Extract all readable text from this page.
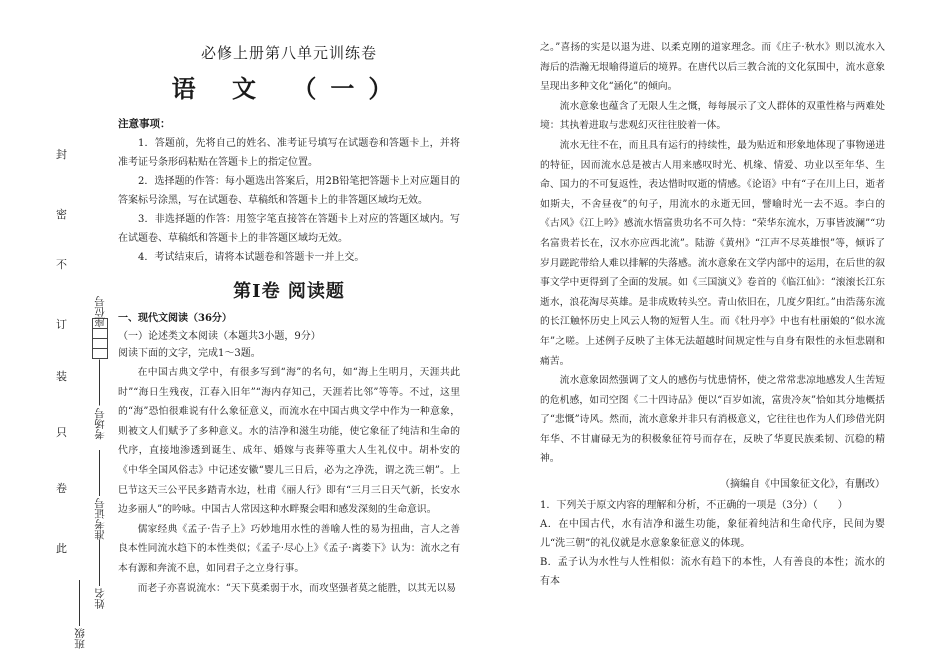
封
密
不
订
装
只
卷
此
座位号
考场号
准考证号
姓名
班级
必修上册第八单元训练卷
语 文 （一）
注意事项：

1．答题前，先将自己的姓名、准考证号填写在试题卷和答题卡上，并将准考证号条形码粘贴在答题卡上的指定位置。

2．选择题的作答：每小题选出答案后，用2B铅笔把答题卡上对应题目的答案标号涂黑，写在试题卷、草稿纸和答题卡上的非答题区域均无效。

3．非选择题的作答：用签字笔直接答在答题卡上对应的答题区域内。写在试题卷、草稿纸和答题卡上的非答题区域均无效。

4．考试结束后，请将本试题卷和答题卡一并上交。

第Ⅰ卷 阅读题
一、现代文阅读（36分）
（一）论述类文本阅读（本题共3小题，9分）
阅读下面的文字，完成1～3题。

在中国古典文学中，有很多写到“海”的名句，如“海上生明月，天涯共此时”“海日生残夜，江春入旧年”“海内存知己，天涯若比邻”等等。不过，这里的“海”恐怕很难说有什么象征意义，而流水在中国古典文学中作为一种意象，则被文人们赋予了多种意义。水的洁净和滋生功能，使它象征了纯洁和生命的代序，直接地渗透到诞生、成年、婚嫁与丧葬等重大人生礼仪中。胡朴安的《中华全国风俗志》中记述安徽“婴儿三日后，必为之净洗，谓之洗三朝”。上巳节这天三公平民多踏青水边，杜甫《丽人行》即有“三月三日天气新，长安水边多丽人”的吟咏。中国古人常因这种水畔聚会唱和感发深刻的生命意识。

儒家经典《孟子·告子上》巧妙地用水性的善喻人性的易为扭曲，言人之善良本性同流水趋下的本性类似；《孟子·尽心上》《孟子·离娄下》认为：流水之有本有源和奔流不息，如同君子之立身行事。

而老子亦喜说流水：“天下莫柔弱于水，而攻坚强者莫之能胜，以其无以易

之。”喜扬的实是以退为进、以柔克刚的道家理念。而《庄子·秋水》则以流水入海后的浩瀚无垠喻得道后的境界。在唐代以后三教合流的文化氛围中，流水意象呈现出多种文化“涵化”的倾向。

流水意象也蕴含了无限人生之慨，每每展示了文人群体的双重性格与两难处境：其执着进取与悲观幻灭往往胶着一体。

流水无往不在，而且具有运行的持续性，最为贴近和形象地体现了事物递进的特征，因而流水总是被古人用来感叹时光、机缘、情爱、功业以至年华、生命、国力的不可复返性，表达惜时叹逝的情感。《论语》中有“子在川上曰，逝者如斯夫，不舍昼夜”的句子，用流水的永逝无回，譬喻时光一去不返。李白的《古风》《江上吟》感流水悟富贵功名不可久恃：“荣华东流水，万事皆波澜”“功名富贵若长在，汉水亦应西北流”。陆游《黄州》“江声不尽英雄恨”等，倾诉了岁月蹉跎带给人难以排解的失落感。流水意象在文学内部中的运用，在后世的叙事文学中更得到了全面的发展。如《三国演义》卷首的《临江仙》：“滚滚长江东逝水，浪花淘尽英雄。是非成败转头空。青山依旧在，几度夕阳红。”由浩荡东流的长江触怀历史上风云人物的短暂人生。而《牡丹亭》中也有杜丽娘的“似水流年”之嗟。上述例子反映了主体无法超越时间规定性与自身有限性的永恒悲剧和痛苦。

流水意象固然强调了文人的感伤与忧患情怀，使之常常悲凉地感发人生苦短的危机感，如司空图《二十四诗品》便以“百岁如流，富贵冷灰”恰如其分地概括了“悲慨”诗风。然而，流水意象并非只有消极意义，它往往也作为人们珍借光阴年华、不甘庸碌无为的积极象征符号而存在，反映了华夏民族柔韧、沉稳的精神。

（摘编自《中国象征文化》，有删改）

1．下列关于原文内容的理解和分析，不正确的一项是（3分）（　　）

A．在中国古代，水有洁净和滋生功能，象征着纯洁和生命代序，民间为婴儿“洗三朝”的礼仪就是水意象象征意义的体现。

B．孟子认为水性与人性相似：流水有趋下的本性，人有善良的本性；流水的有本
